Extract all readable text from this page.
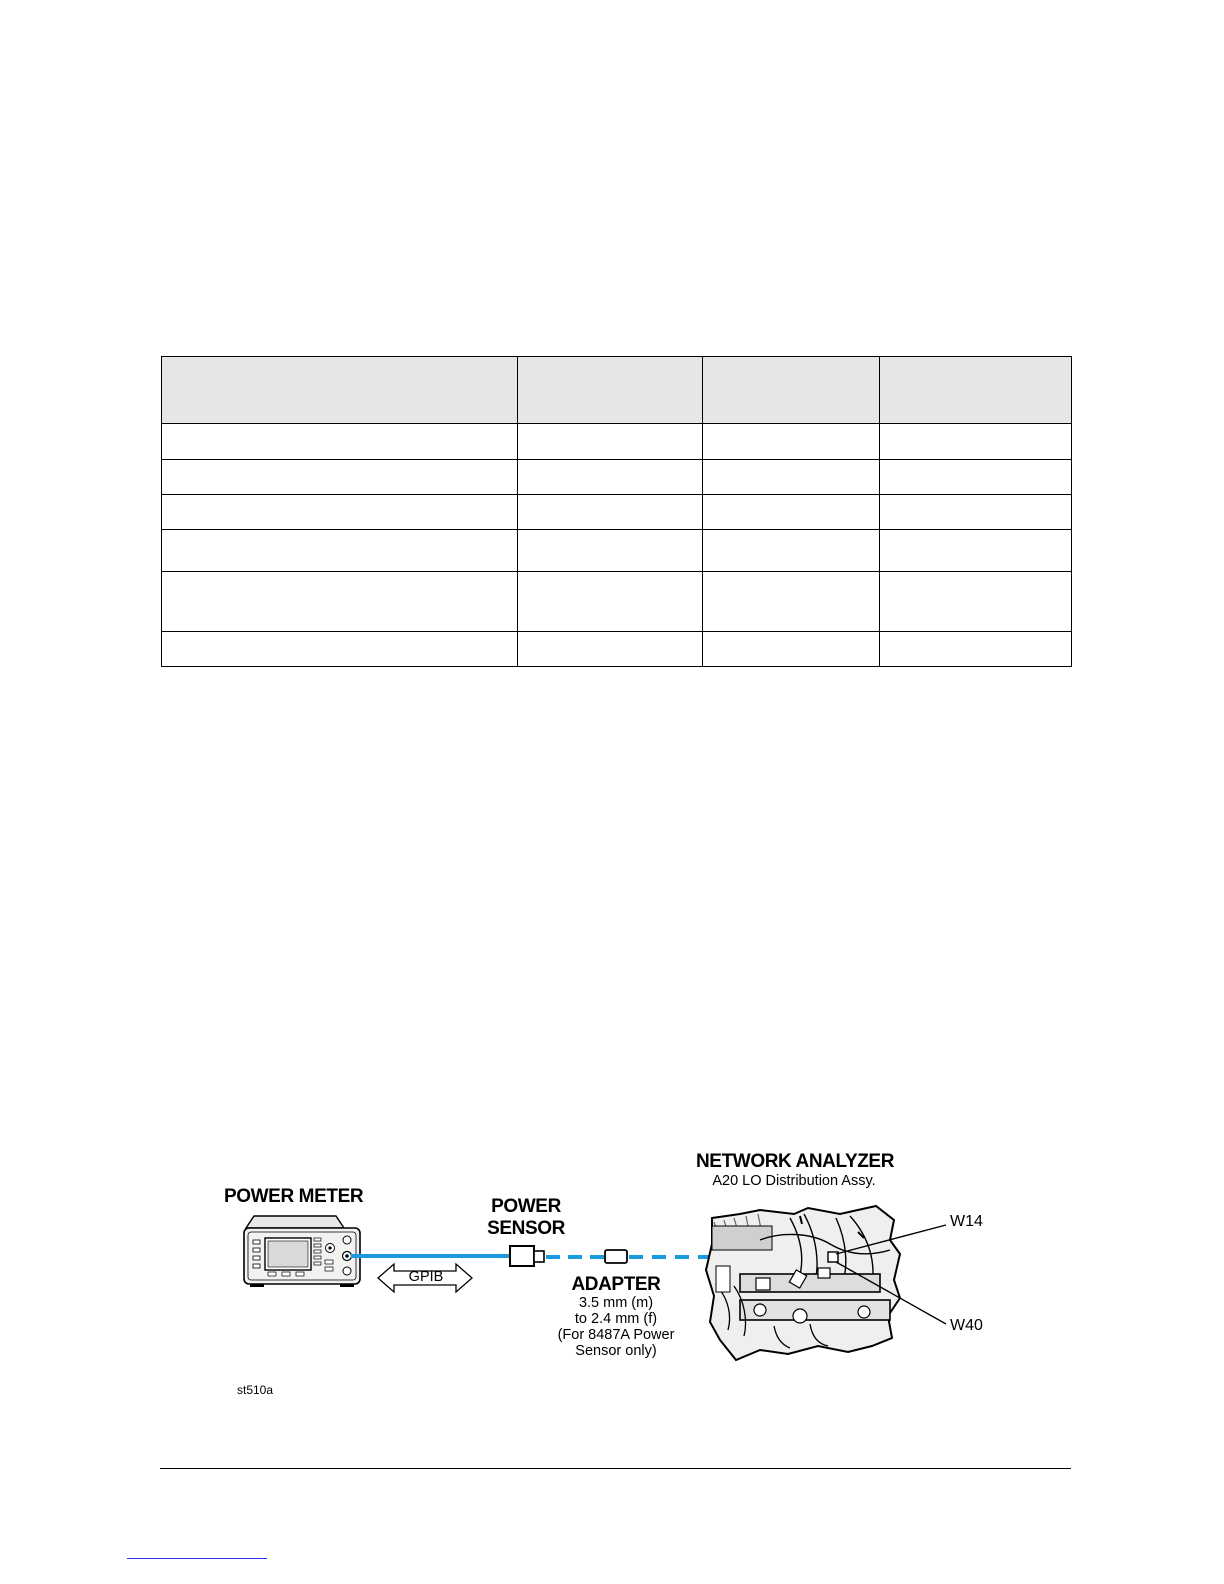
POWER METER	POWER
SENSOR
GPIB	ADAPTER
3.5 mm (m)
to 2.4 mm (f)
(For 8487A Power
Sensor only)
NETWORK ANALYZER
A20 LO Distribution Assy.
W14
W40
st510a
